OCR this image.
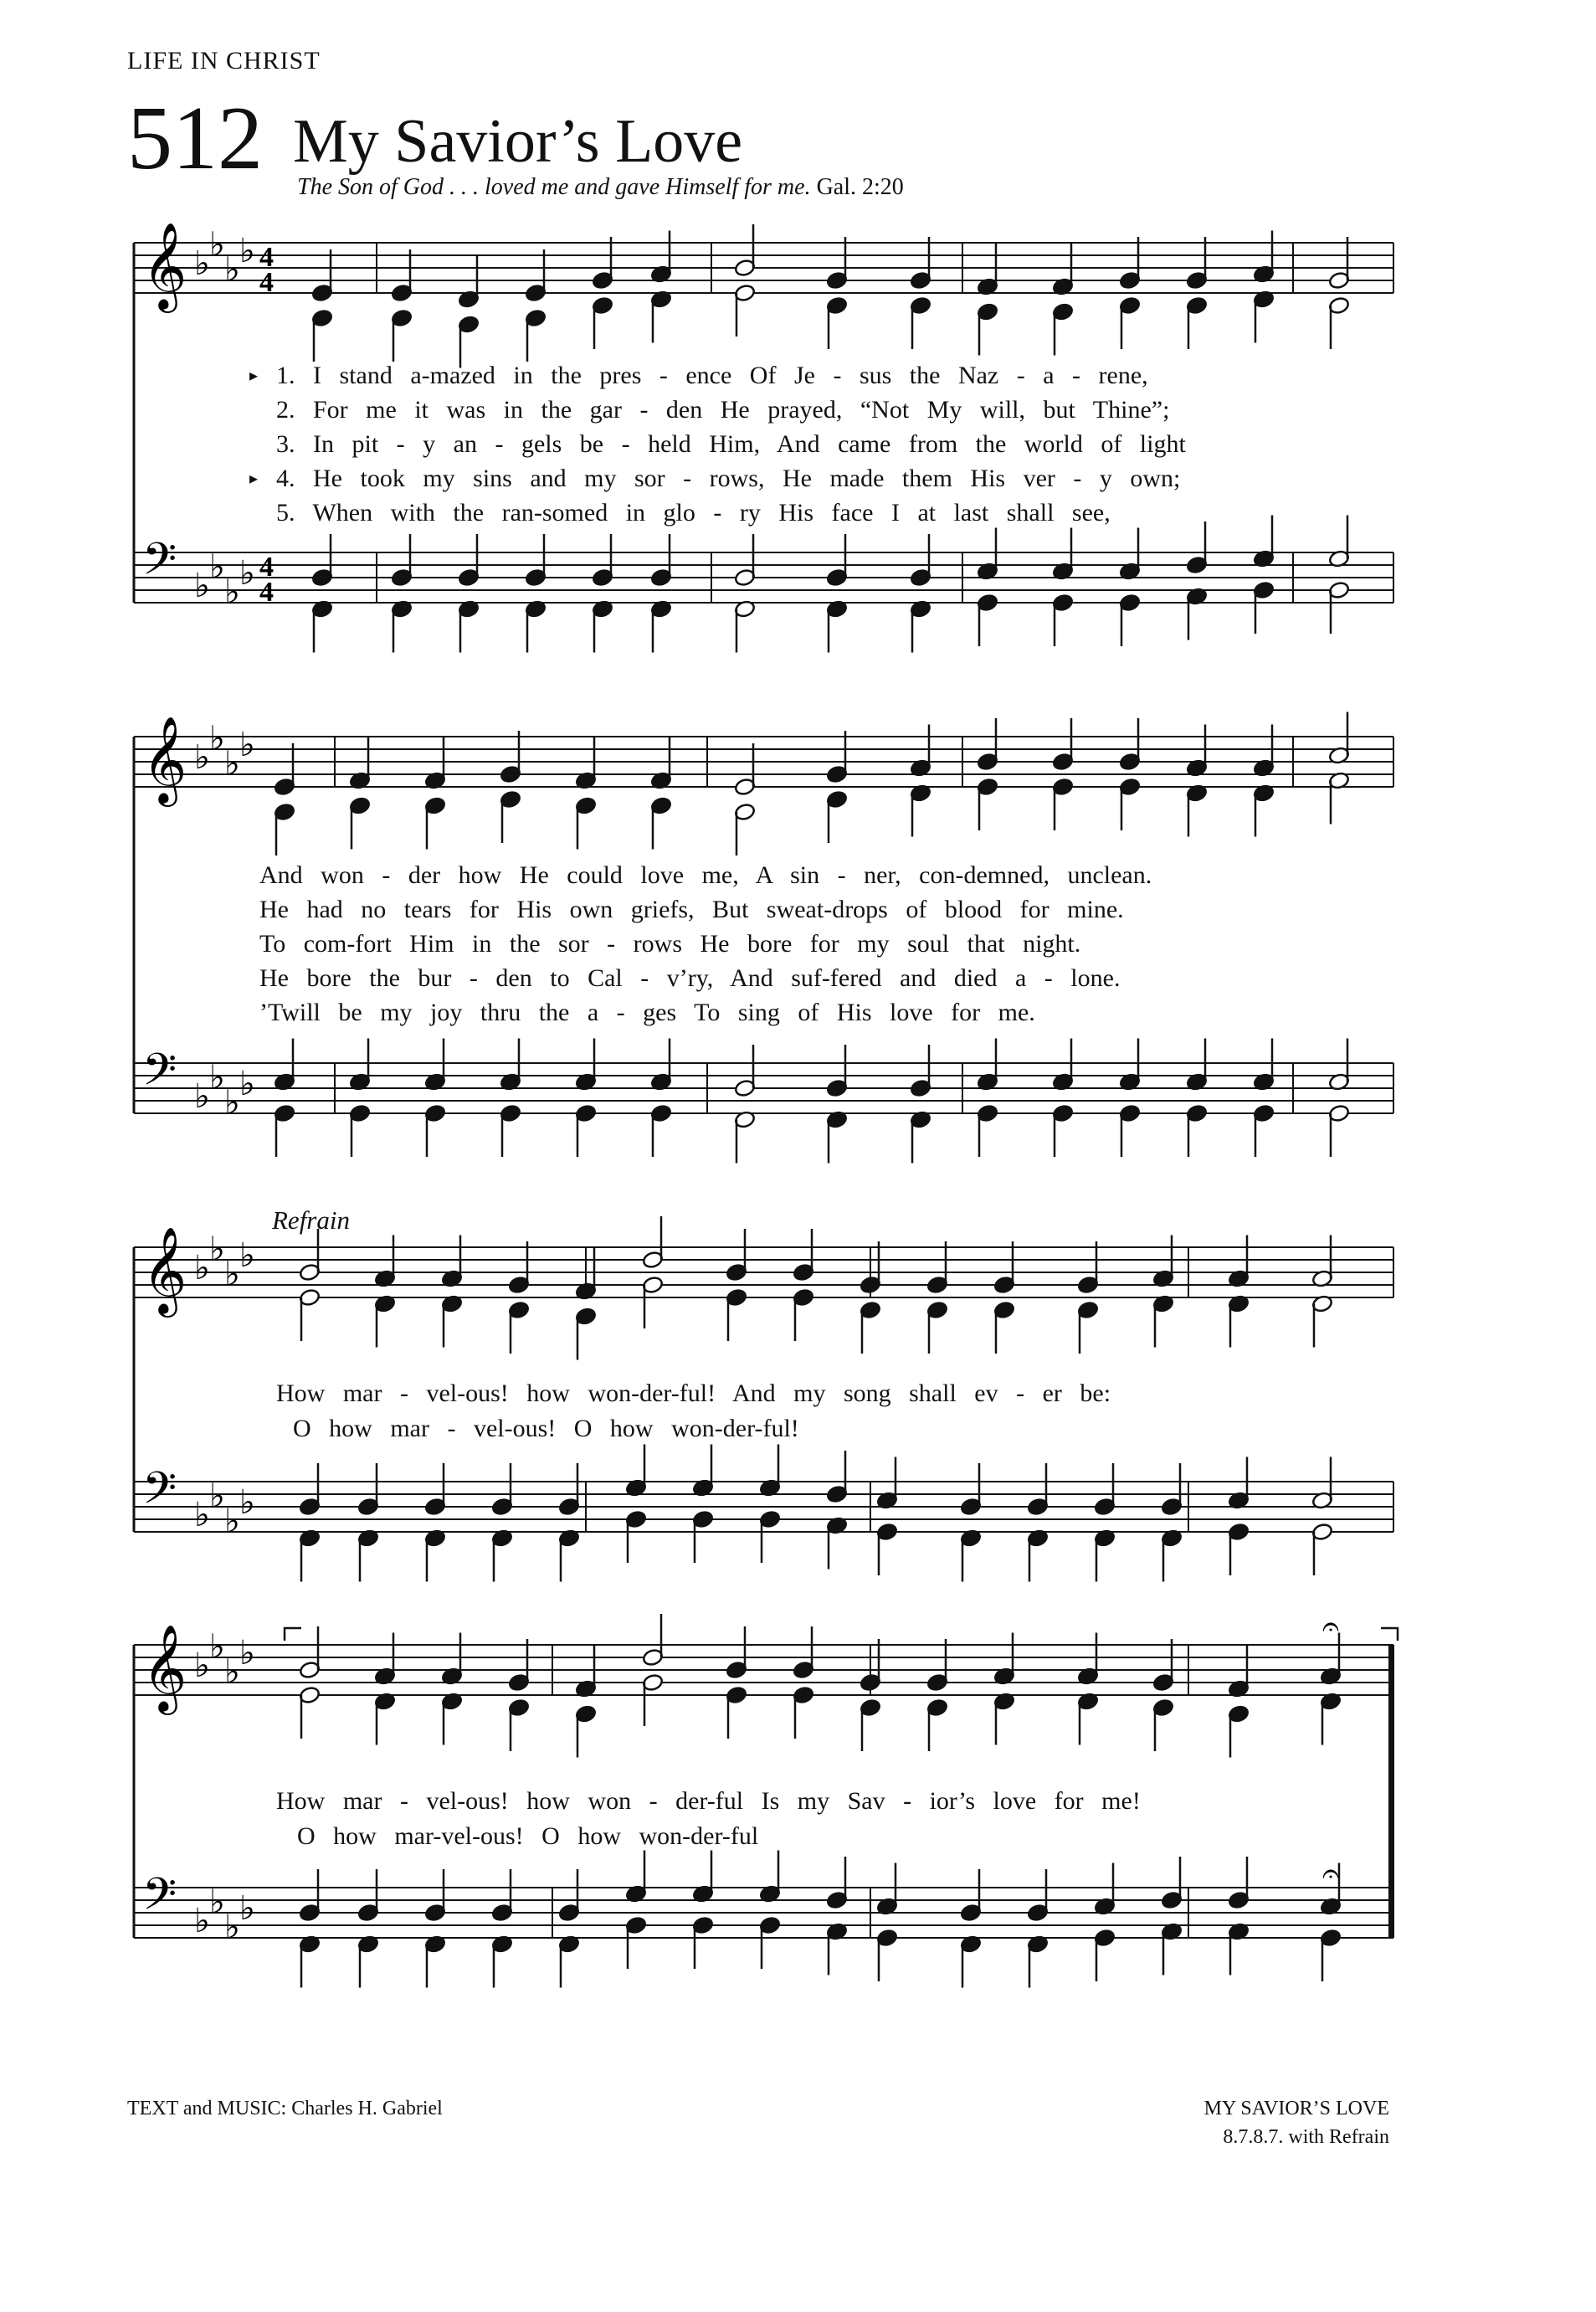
LIFE IN CHRIST
512 My Savior’s Love
The Son of God . . . loved me and gave Himself for me. Gal. 2:20
𝄞
𝄢
♭ ♭
♭ ♭
♭ ♭
♭ ♭
4
4
4
4
𝄞
𝄢
♭ ♭
♭ ♭
♭ ♭
♭ ♭
𝄞
𝄢
♭ ♭
♭ ♭
♭ ♭
♭ ♭
𝄞
𝄢
♭ ♭
♭ ♭
♭ ♭
♭ ♭
𝄐
𝄐
1. I stand a-mazed in the pres - ence Of Je - sus the Naz - a - rene,
2. For me it was in the gar - den He prayed, “Not My will, but Thine”;
3. In pit - y an - gels be - held Him, And came from the world of light
4. He took my sins and my sor - rows, He made them His ver - y own;
5. When with the ran-somed in glo - ry His face I at last shall see,
▸
▸
And won - der how He could love me, A sin - ner, con-demned, unclean.
He had no tears for His own griefs, But sweat-drops of blood for mine.
To com-fort Him in the sor - rows He bore for my soul that night.
He bore the bur - den to Cal - v’ry, And suf-fered and died a - lone.
’Twill be my joy thru the a - ges To sing of His love for me.
Refrain
How mar - vel-ous! how won-der-ful! And my song shall ev - er be:
O how mar - vel-ous! O how won-der-ful!
How mar - vel-ous! how won - der-ful Is my Sav - ior’s love for me!
O how mar-vel-ous! O how won-der-ful
TEXT and MUSIC: Charles H. Gabriel	MY SAVIOR’S LOVE
8.7.8.7. with Refrain
